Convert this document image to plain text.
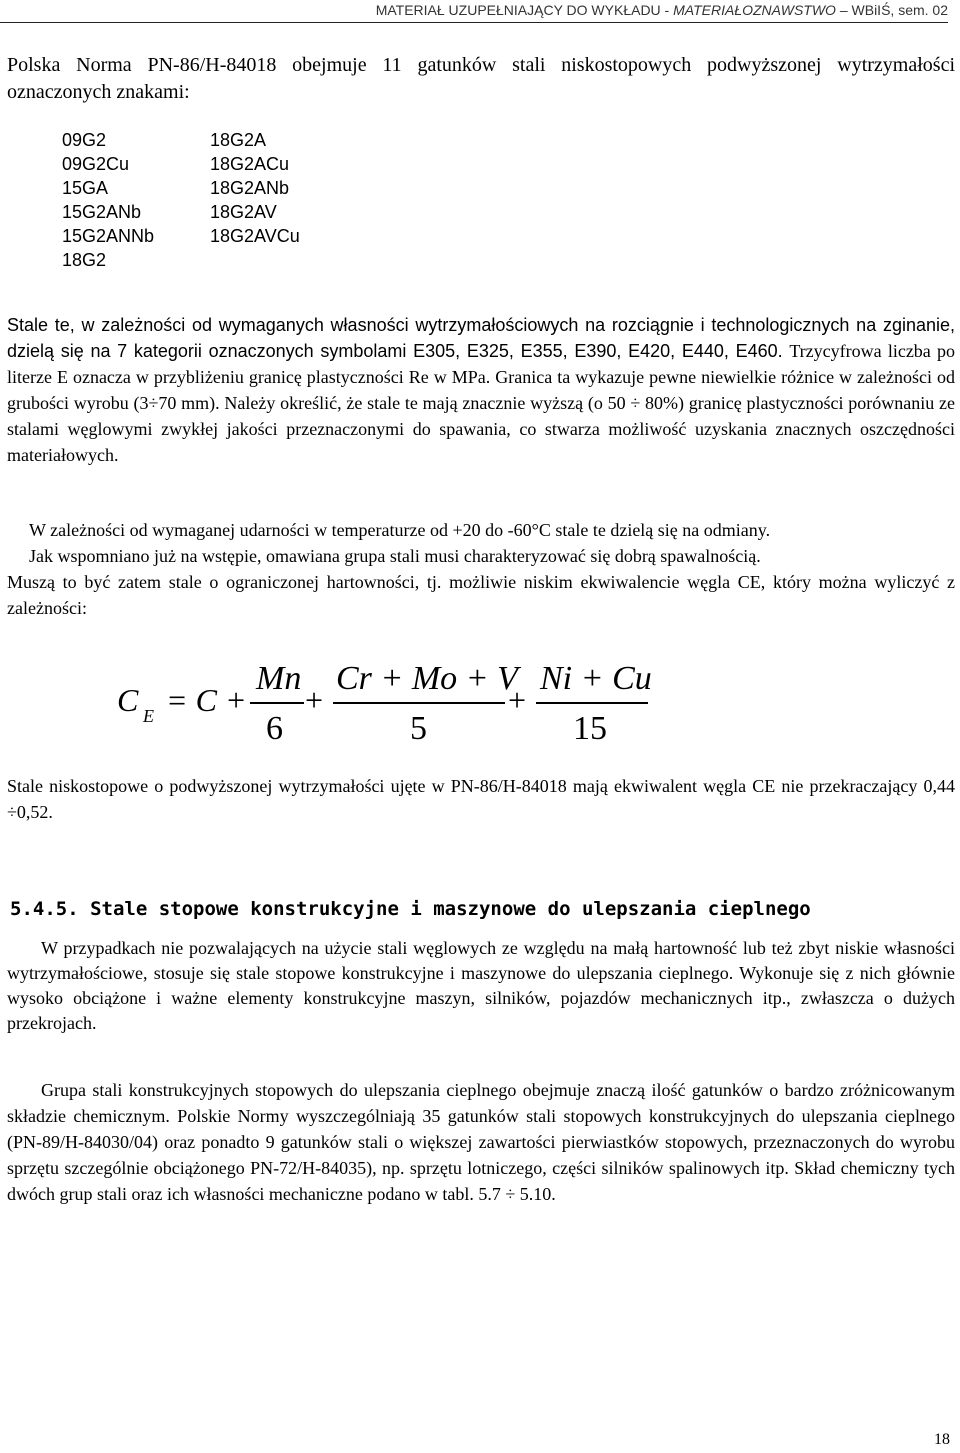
MATERIAŁ UZUPEŁNIAJĄCY DO WYKŁADU - MATERIAŁOZNAWSTWO – WBiIŚ, sem. 02

Polska Norma PN-86/H-84018 obejmuje 11 gatunków stali niskostopowych podwyższonej wytrzymałości oznaczonych znakami:

09G2
09G2Cu
15GA
15G2ANb
15G2ANNb
18G2
18G2A
18G2ACu
18G2ANb
18G2AV
18G2AVCu

Stale te, w zależności od wymaganych własności wytrzymałościowych na rozciągnie i technologicznych na zginanie, dzielą się na 7 kategorii oznaczonych symbolami E305, E325, E355, E390, E420, E440, E460. Trzycyfrowa liczba po literze E oznacza w przybliżeniu granicę plastyczności Re w MPa. Granica ta wykazuje pewne niewielkie różnice w zależności od grubości wyrobu (3÷70 mm). Należy określić, że stale te mają znacznie wyższą (o 50 ÷ 80%) granicę plastyczności porównaniu ze stalami węglowymi zwykłej jakości przeznaczonymi do spawania, co stwarza możliwość uzyskania znacznych oszczędności materiałowych.

W zależności od wymaganej udarności w temperaturze od +20 do -60°C stale te dzielą się na odmiany.

Jak wspomniano już na wstępie, omawiana grupa stali musi charakteryzować się dobrą spawalnością.

Muszą to być zatem stale o ograniczonej hartowności, tj. możliwie niskim ekwiwalencie węgla CE, który można wyliczyć z zależności:

C E = C +
Mn
6
+
Cr + Mo + V
5
+
Ni + Cu
15

Stale niskostopowe o podwyższonej wytrzymałości ujęte w PN-86/H-84018 mają ekwiwalent węgla CE nie przekraczający 0,44 ÷0,52.

5.4.5. Stale stopowe konstrukcyjne i maszynowe do ulepszania cieplnego

W przypadkach nie pozwalających na użycie stali węglowych ze względu na małą hartowność lub też zbyt niskie własności wytrzymałościowe, stosuje się stale stopowe konstrukcyjne i maszynowe do ulepszania cieplnego. Wykonuje się z nich głównie wysoko obciążone i ważne elementy konstrukcyjne maszyn, silników, pojazdów mechanicznych itp., zwłaszcza o dużych przekrojach.

Grupa stali konstrukcyjnych stopowych do ulepszania cieplnego obejmuje znaczą ilość gatunków o bardzo zróżnicowanym składzie chemicznym. Polskie Normy wyszczególniają 35 gatunków stali stopowych konstrukcyjnych do ulepszania cieplnego (PN-89/H-84030/04) oraz ponadto 9 gatunków stali o większej zawartości pierwiastków stopowych, przeznaczonych do wyrobu sprzętu szczególnie obciążonego PN-72/H-84035), np. sprzętu lotniczego, części silników spalinowych itp. Skład chemiczny tych dwóch grup stali oraz ich własności mechaniczne podano w tabl. 5.7 ÷ 5.10.

18
